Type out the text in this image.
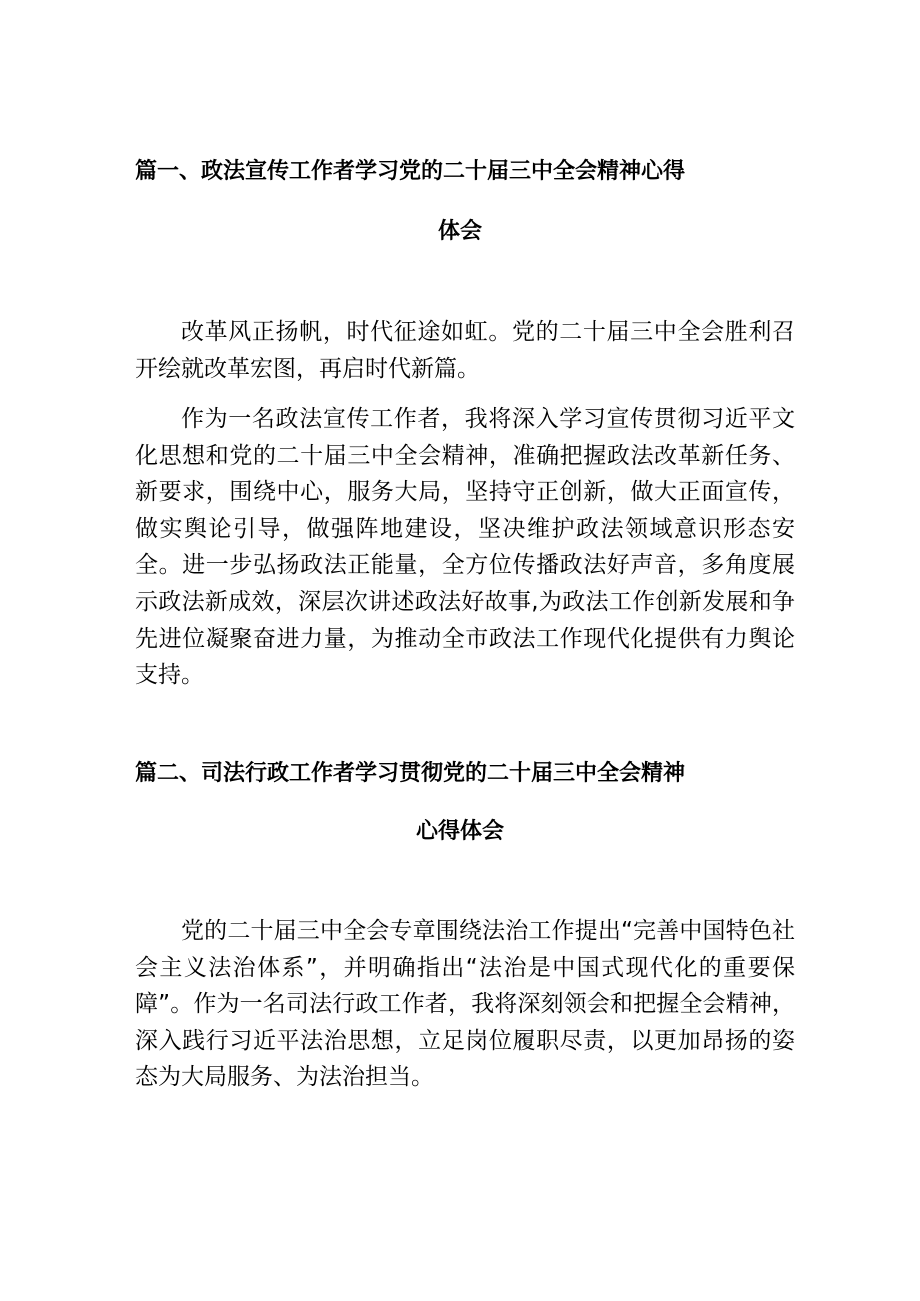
篇一、政法宣传工作者学习党的二十届三中全会精神心得
体会
改革风正扬帆，时代征途如虹。党的二十届三中全会胜利召开绘就改革宏图，再启时代新篇。
作为一名政法宣传工作者，我将深入学习宣传贯彻习近平文化思想和党的二十届三中全会精神，准确把握政法改革新任务、新要求，围绕中心，服务大局，坚持守正创新，做大正面宣传，做实舆论引导，做强阵地建设，坚决维护政法领域意识形态安全。进一步弘扬政法正能量，全方位传播政法好声音，多角度展示政法新成效，深层次讲述政法好故事,为政法工作创新发展和争先进位凝聚奋进力量，为推动全市政法工作现代化提供有力舆论支持。
篇二、司法行政工作者学习贯彻党的二十届三中全会精神
心得体会
党的二十届三中全会专章围绕法治工作提出“完善中国特色社会主义法治体系”，并明确指出“法治是中国式现代化的重要保障”。作为一名司法行政工作者，我将深刻领会和把握全会精神，深入践行习近平法治思想，立足岗位履职尽责，以更加昂扬的姿态为大局服务、为法治担当。
